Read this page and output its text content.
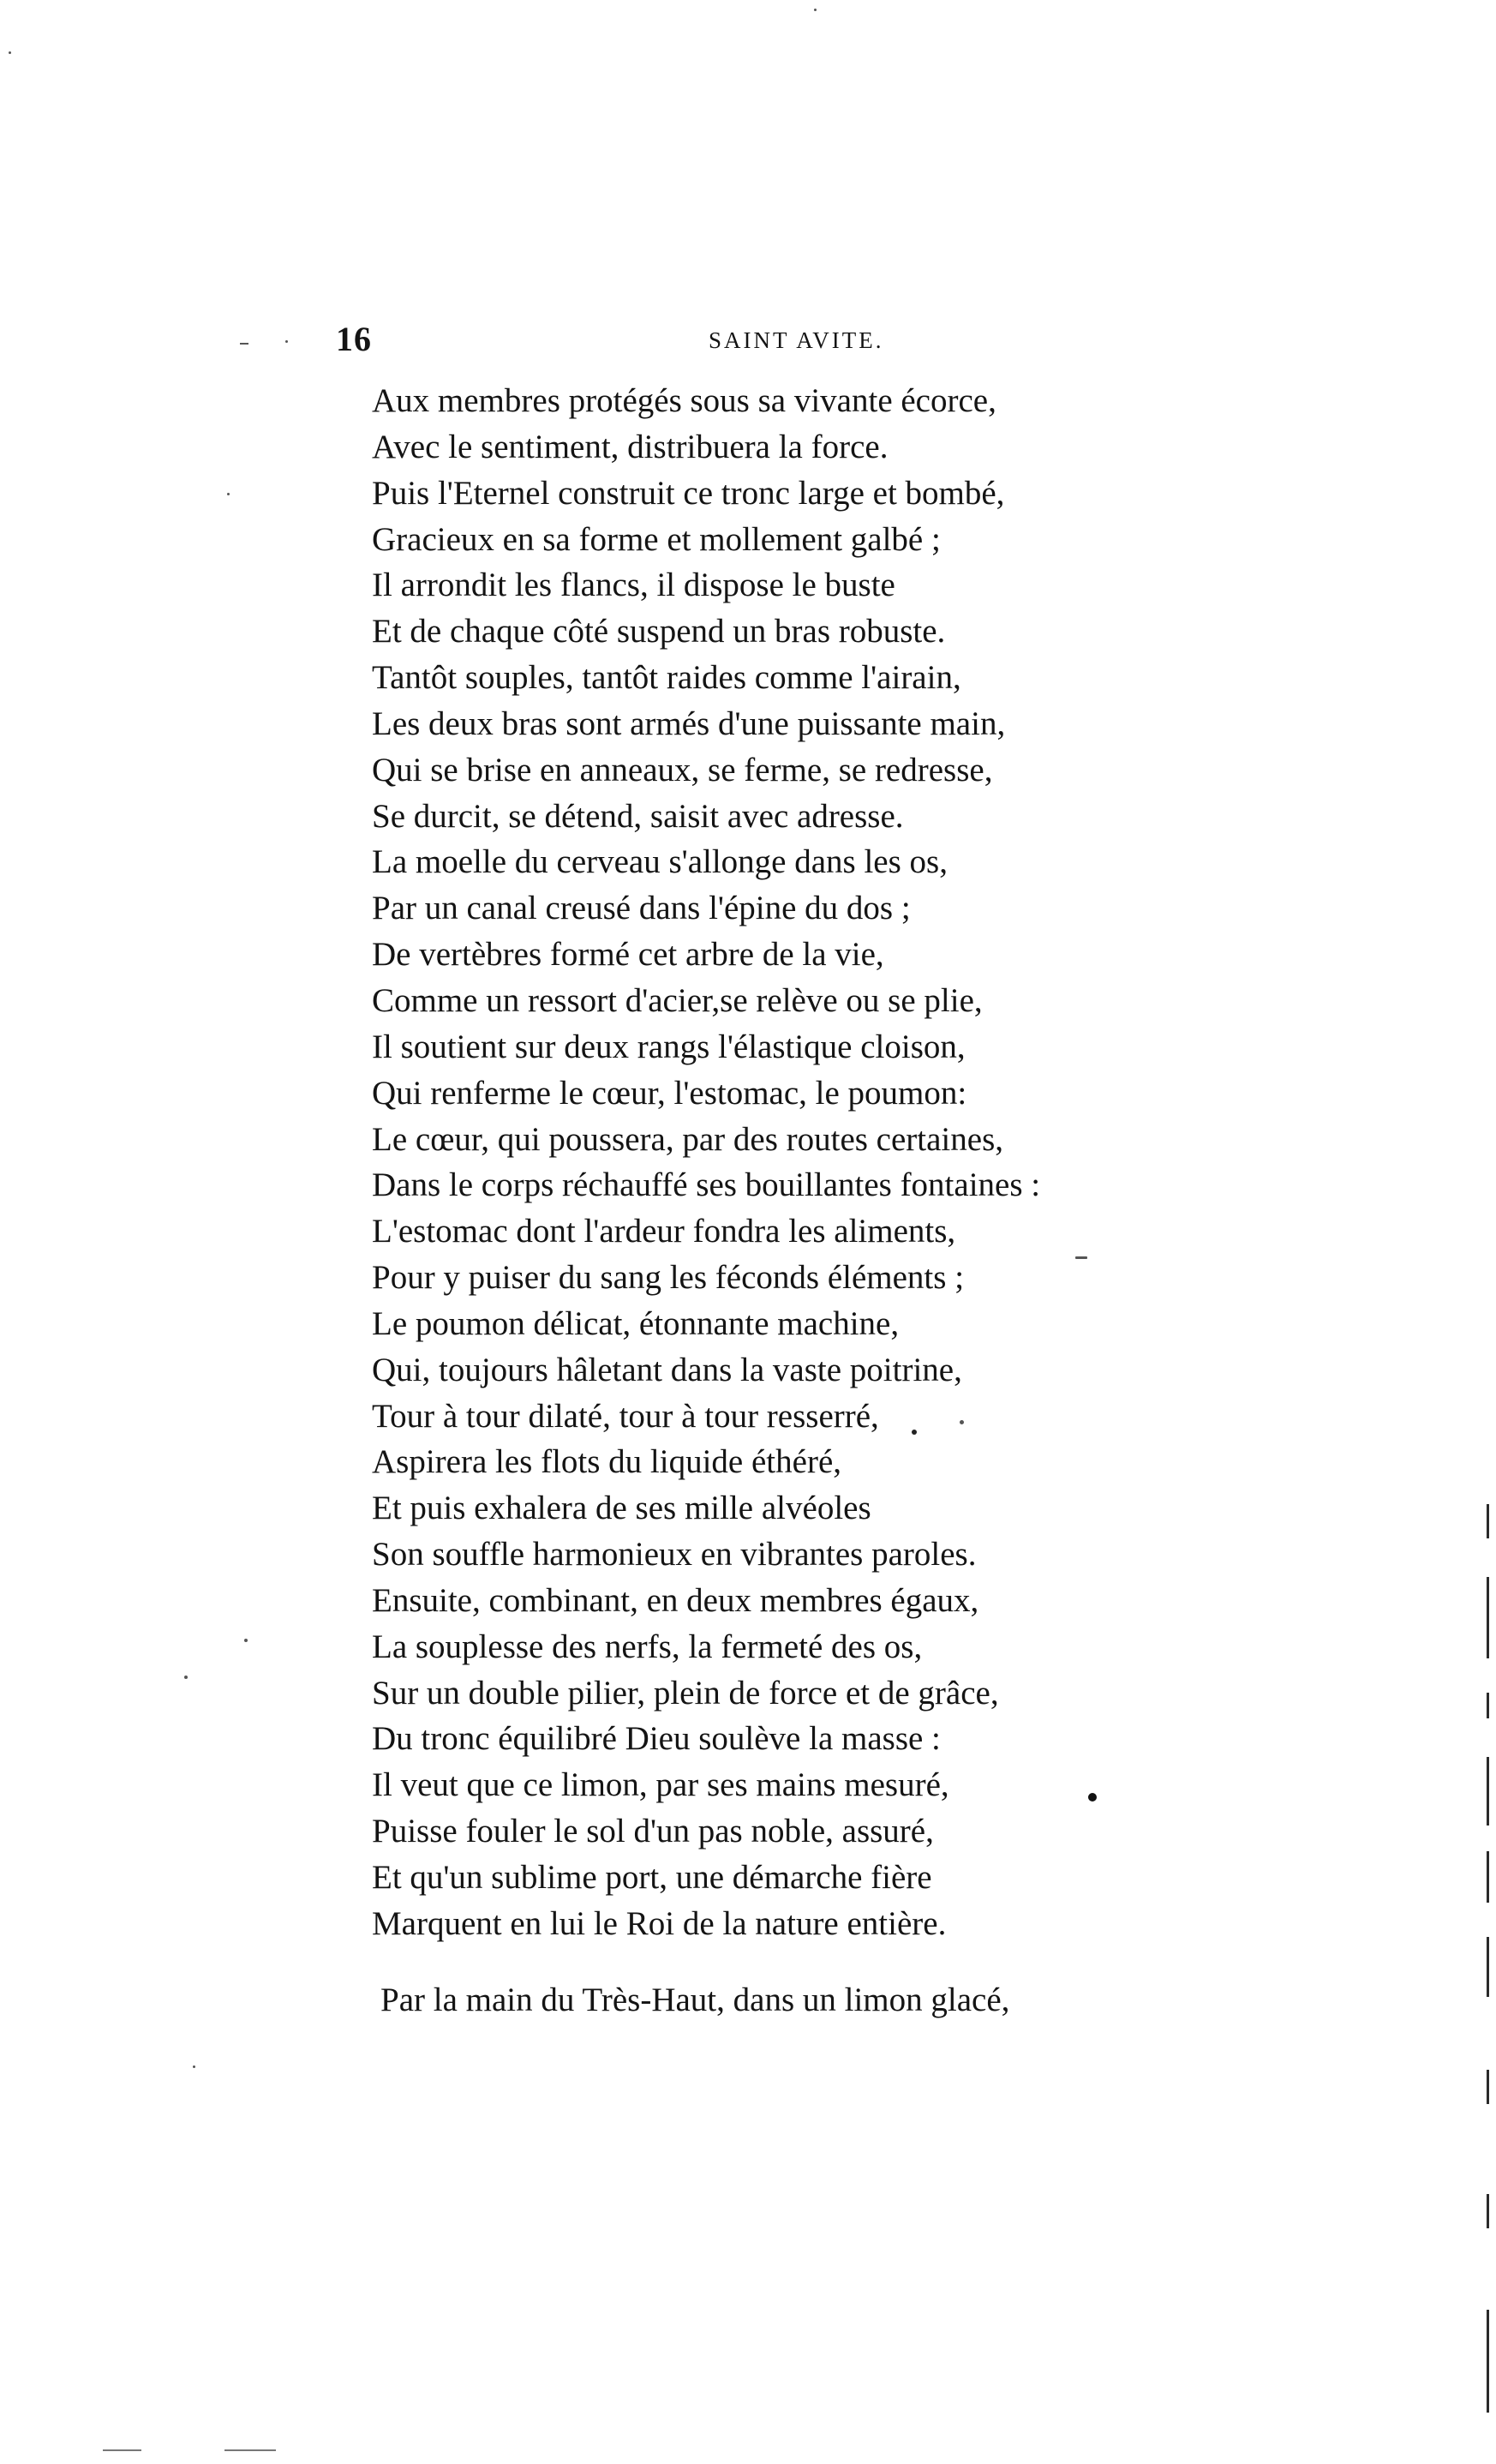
16	SAINT AVITE.
Aux membres protégés sous sa vivante écorce,
Avec le sentiment, distribuera la force.
Puis l'Eternel construit ce tronc large et bombé,
Gracieux en sa forme et mollement galbé ;
Il arrondit les flancs, il dispose le buste
Et de chaque côté suspend un bras robuste.
Tantôt souples, tantôt raides comme l'airain,
Les deux bras sont armés d'une puissante main,
Qui se brise en anneaux, se ferme, se redresse,
Se durcit, se détend, saisit avec adresse.
La moelle du cerveau s'allonge dans les os,
Par un canal creusé dans l'épine du dos ;
De vertèbres formé cet arbre de la vie,
Comme un ressort d'acier,se relève ou se plie,
Il soutient sur deux rangs l'élastique cloison,
Qui renferme le cœur, l'estomac, le poumon:
Le cœur, qui poussera, par des routes certaines,
Dans le corps réchauffé ses bouillantes fontaines :
L'estomac dont l'ardeur fondra les aliments,
Pour y puiser du sang les féconds éléments ;
Le poumon délicat, étonnante machine,
Qui, toujours hâletant dans la vaste poitrine,
Tour à tour dilaté, tour à tour resserré,
Aspirera les flots du liquide éthéré,
Et puis exhalera de ses mille alvéoles
Son souffle harmonieux en vibrantes paroles.
Ensuite, combinant, en deux membres égaux,
La souplesse des nerfs, la fermeté des os,
Sur un double pilier, plein de force et de grâce,
Du tronc équilibré Dieu soulève la masse :
Il veut que ce limon, par ses mains mesuré,
Puisse fouler le sol d'un pas noble, assuré,
Et qu'un sublime port, une démarche fière
Marquent en lui le Roi de la nature entière.
Par la main du Très-Haut, dans un limon glacé,
